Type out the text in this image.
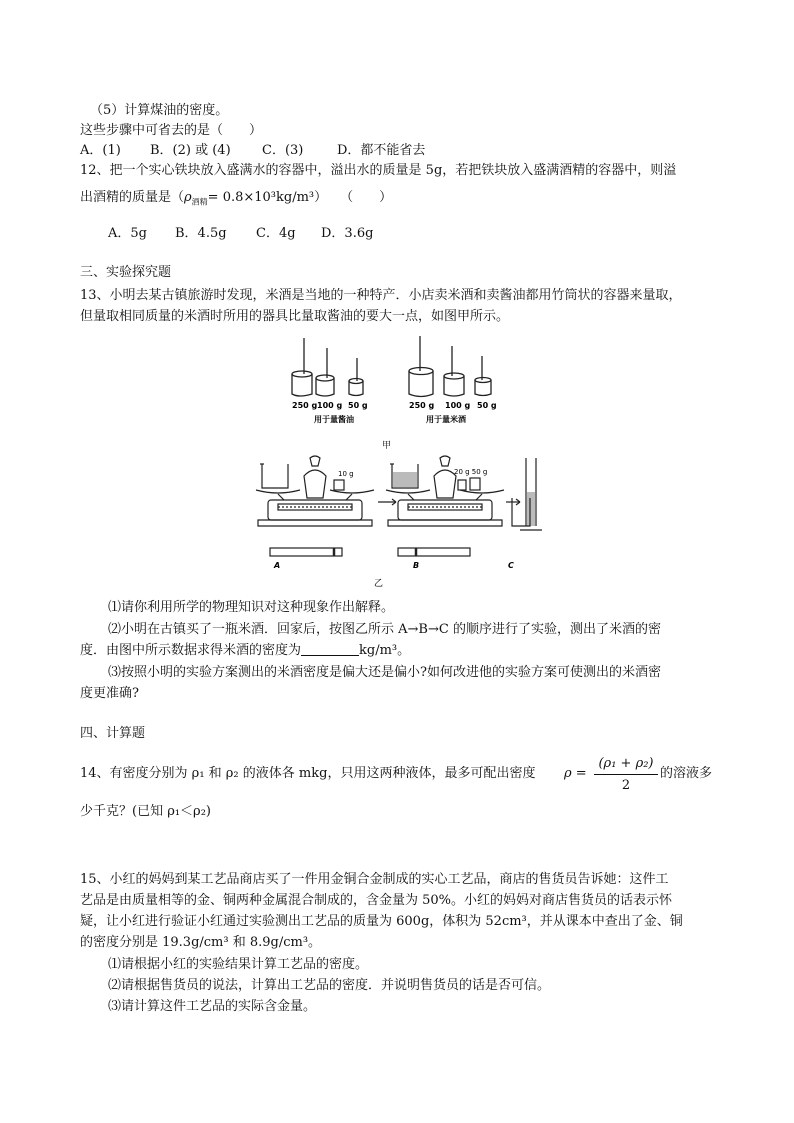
（5）计算煤油的密度。
这些步骤中可省去的是（　　）
A．(1) B．(2) 或 (4) C．(3)	D．都不能省去
12、把一个实心铁块放入盛满水的容器中，溢出水的质量是 5g，若把铁块放入盛满酒精的容器中，则溢
出酒精的质量是$(\rho_{酒精}= 0.8\times 10^3kg/m^3)$　　（　　）
A．5g B．4.5g C．4g D．3.6g
三、实验探究题
13、小明去某古镇旅游时发现，米酒是当地的一种特产．小店卖米酒和卖酱油都用竹筒状的容器来量取，
但量取相同质量的米酒时所用的器具比量取酱油的要大一点，如图甲所示。
250 g 100 g 50 g
用于量酱油
250 g 100 g 50 g
用于量米酒
甲
10 g	20 g 50 g
A	B	C
乙
⑴请你利用所学的物理知识对这种现象作出解释。
⑵小明在古镇买了一瓶米酒．回家后，按图乙所示 A→B→C 的顺序进行了实验，测出了米酒的密
度．由图中所示数据求得米酒的密度为	kg/m³。
⑶按照小明的实验方案测出的米酒密度是偏大还是偏小?如何改进他的实验方案可使测出的米酒密
度更准确?
四、计算题
14、有密度分别为 ρ₁ 和 ρ₂ 的液体各 mkg，只用这两种液体，最多可配出密度 ρ =
(ρ₁ + ρ₂)
2
的溶液多
少千克？(已知 ρ₁＜ρ₂)
15、小红的妈妈到某工艺品商店买了一件用金铜合金制成的实心工艺品，商店的售货员告诉她：这件工
艺品是由质量相等的金、铜两种金属混合制成的，含金量为 50%。小红的妈妈对商店售货员的话表示怀
疑，让小红进行验证小红通过实验测出工艺品的质量为 600g，体积为 52cm³，并从课本中查出了金、铜
的密度分别是 19.3g/cm³ 和 8.9g/cm³。
⑴请根据小红的实验结果计算工艺品的密度。
⑵请根据售货员的说法，计算出工艺品的密度．并说明售货员的话是否可信。
⑶请计算这件工艺品的实际含金量。
